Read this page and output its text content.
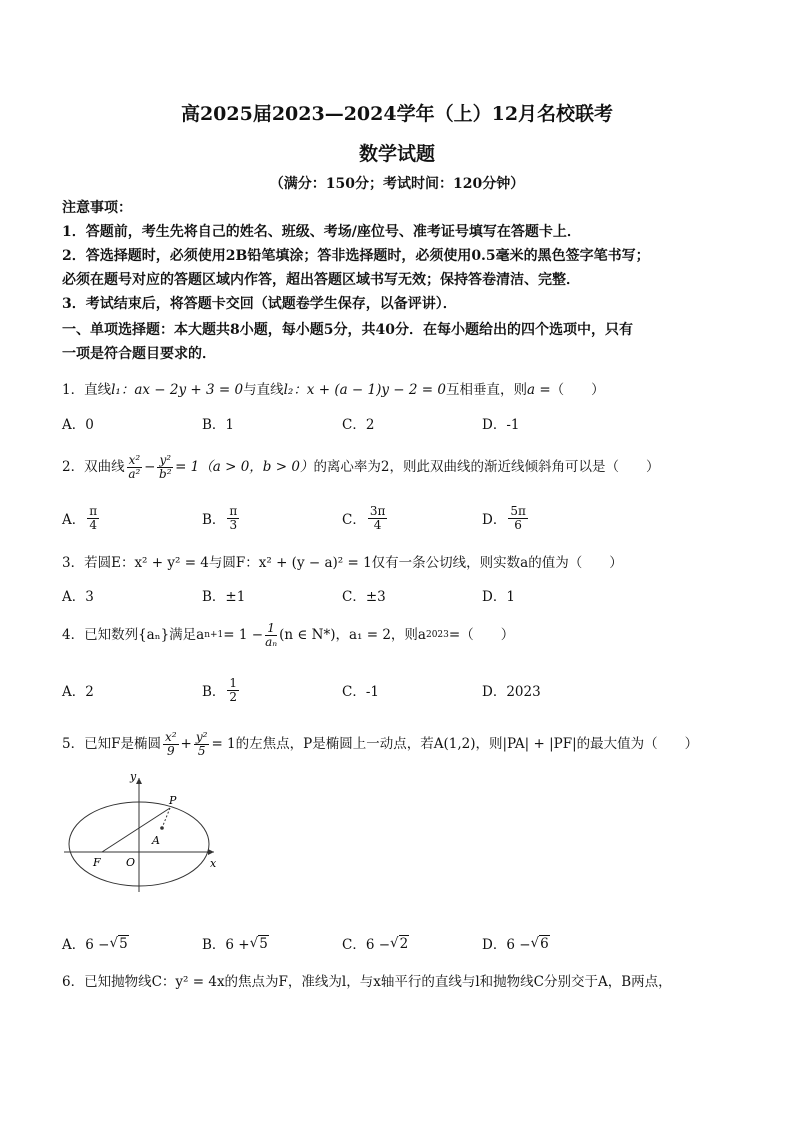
高2025届2023—2024学年（上）12月名校联考
数学试题
（满分：150分；考试时间：120分钟）
注意事项：
1．答题前，考生先将自己的姓名、班级、考场/座位号、准考证号填写在答题卡上．
2．答选择题时，必须使用2B铅笔填涂；答非选择题时，必须使用0.5毫米的黑色签字笔书写；
必须在题号对应的答题区域内作答，超出答题区域书写无效；保持答卷清洁、完整．
3．考试结束后，将答题卡交回（试题卷学生保存，以备评讲）．
一、单项选择题：本大题共8小题，每小题5分，共40分．在每小题给出的四个选项中，只有
一项是符合题目要求的．
1．直线l₁：ax − 2y + 3 = 0与直线l₂：x + (a − 1)y − 2 = 0互相垂直，则a =（　　）
A．0	B．1	C．2	D．-1
2．双曲线 $\frac{\text{x²}}{\text{a²}} - \frac{\text{y²}}{\text{b²}} = 1(a > 0$，b > 0） 的离心率为2，则此双曲线的渐近线倾斜角可以是（　　）
A． $\frac{\pi}{4}$	B． $\frac{\pi}{3}$	C． $\frac{3\pi}{4}$	D． $\frac{5\pi}{6}$
3．若圆E：x² + y² = 4与圆F：x² + (y − a)² = 1仅有一条公切线，则实数a的值为（　　）
A．3	B．±1	C．±3	D．1
4．已知数列{aₙ}满足a $n+1 = 1 - \frac{1}{\text{aₙ}} (n$ ∈ N*)，a₁ = 2，则a 2023 =（　　）
A．2	B． $\frac{1}{2}$	C．-1	D．2023
5．已知F是椭圆 $\frac{\text{x²}}{9} + \frac{\text{y²}}{5} = 1$的左焦点，P是椭圆上一动点，若A(1,2)，则|PA| + |PF|的最大值为（　　）
y
x
P
A
F O
A．6 − √ 5	B．6 + √ 5	C．6 − √ 2	D．6 − √ 6
6．已知抛物线C：y² = 4x的焦点为F，准线为l，与x轴平行的直线与l和抛物线C分别交于A，B两点，
